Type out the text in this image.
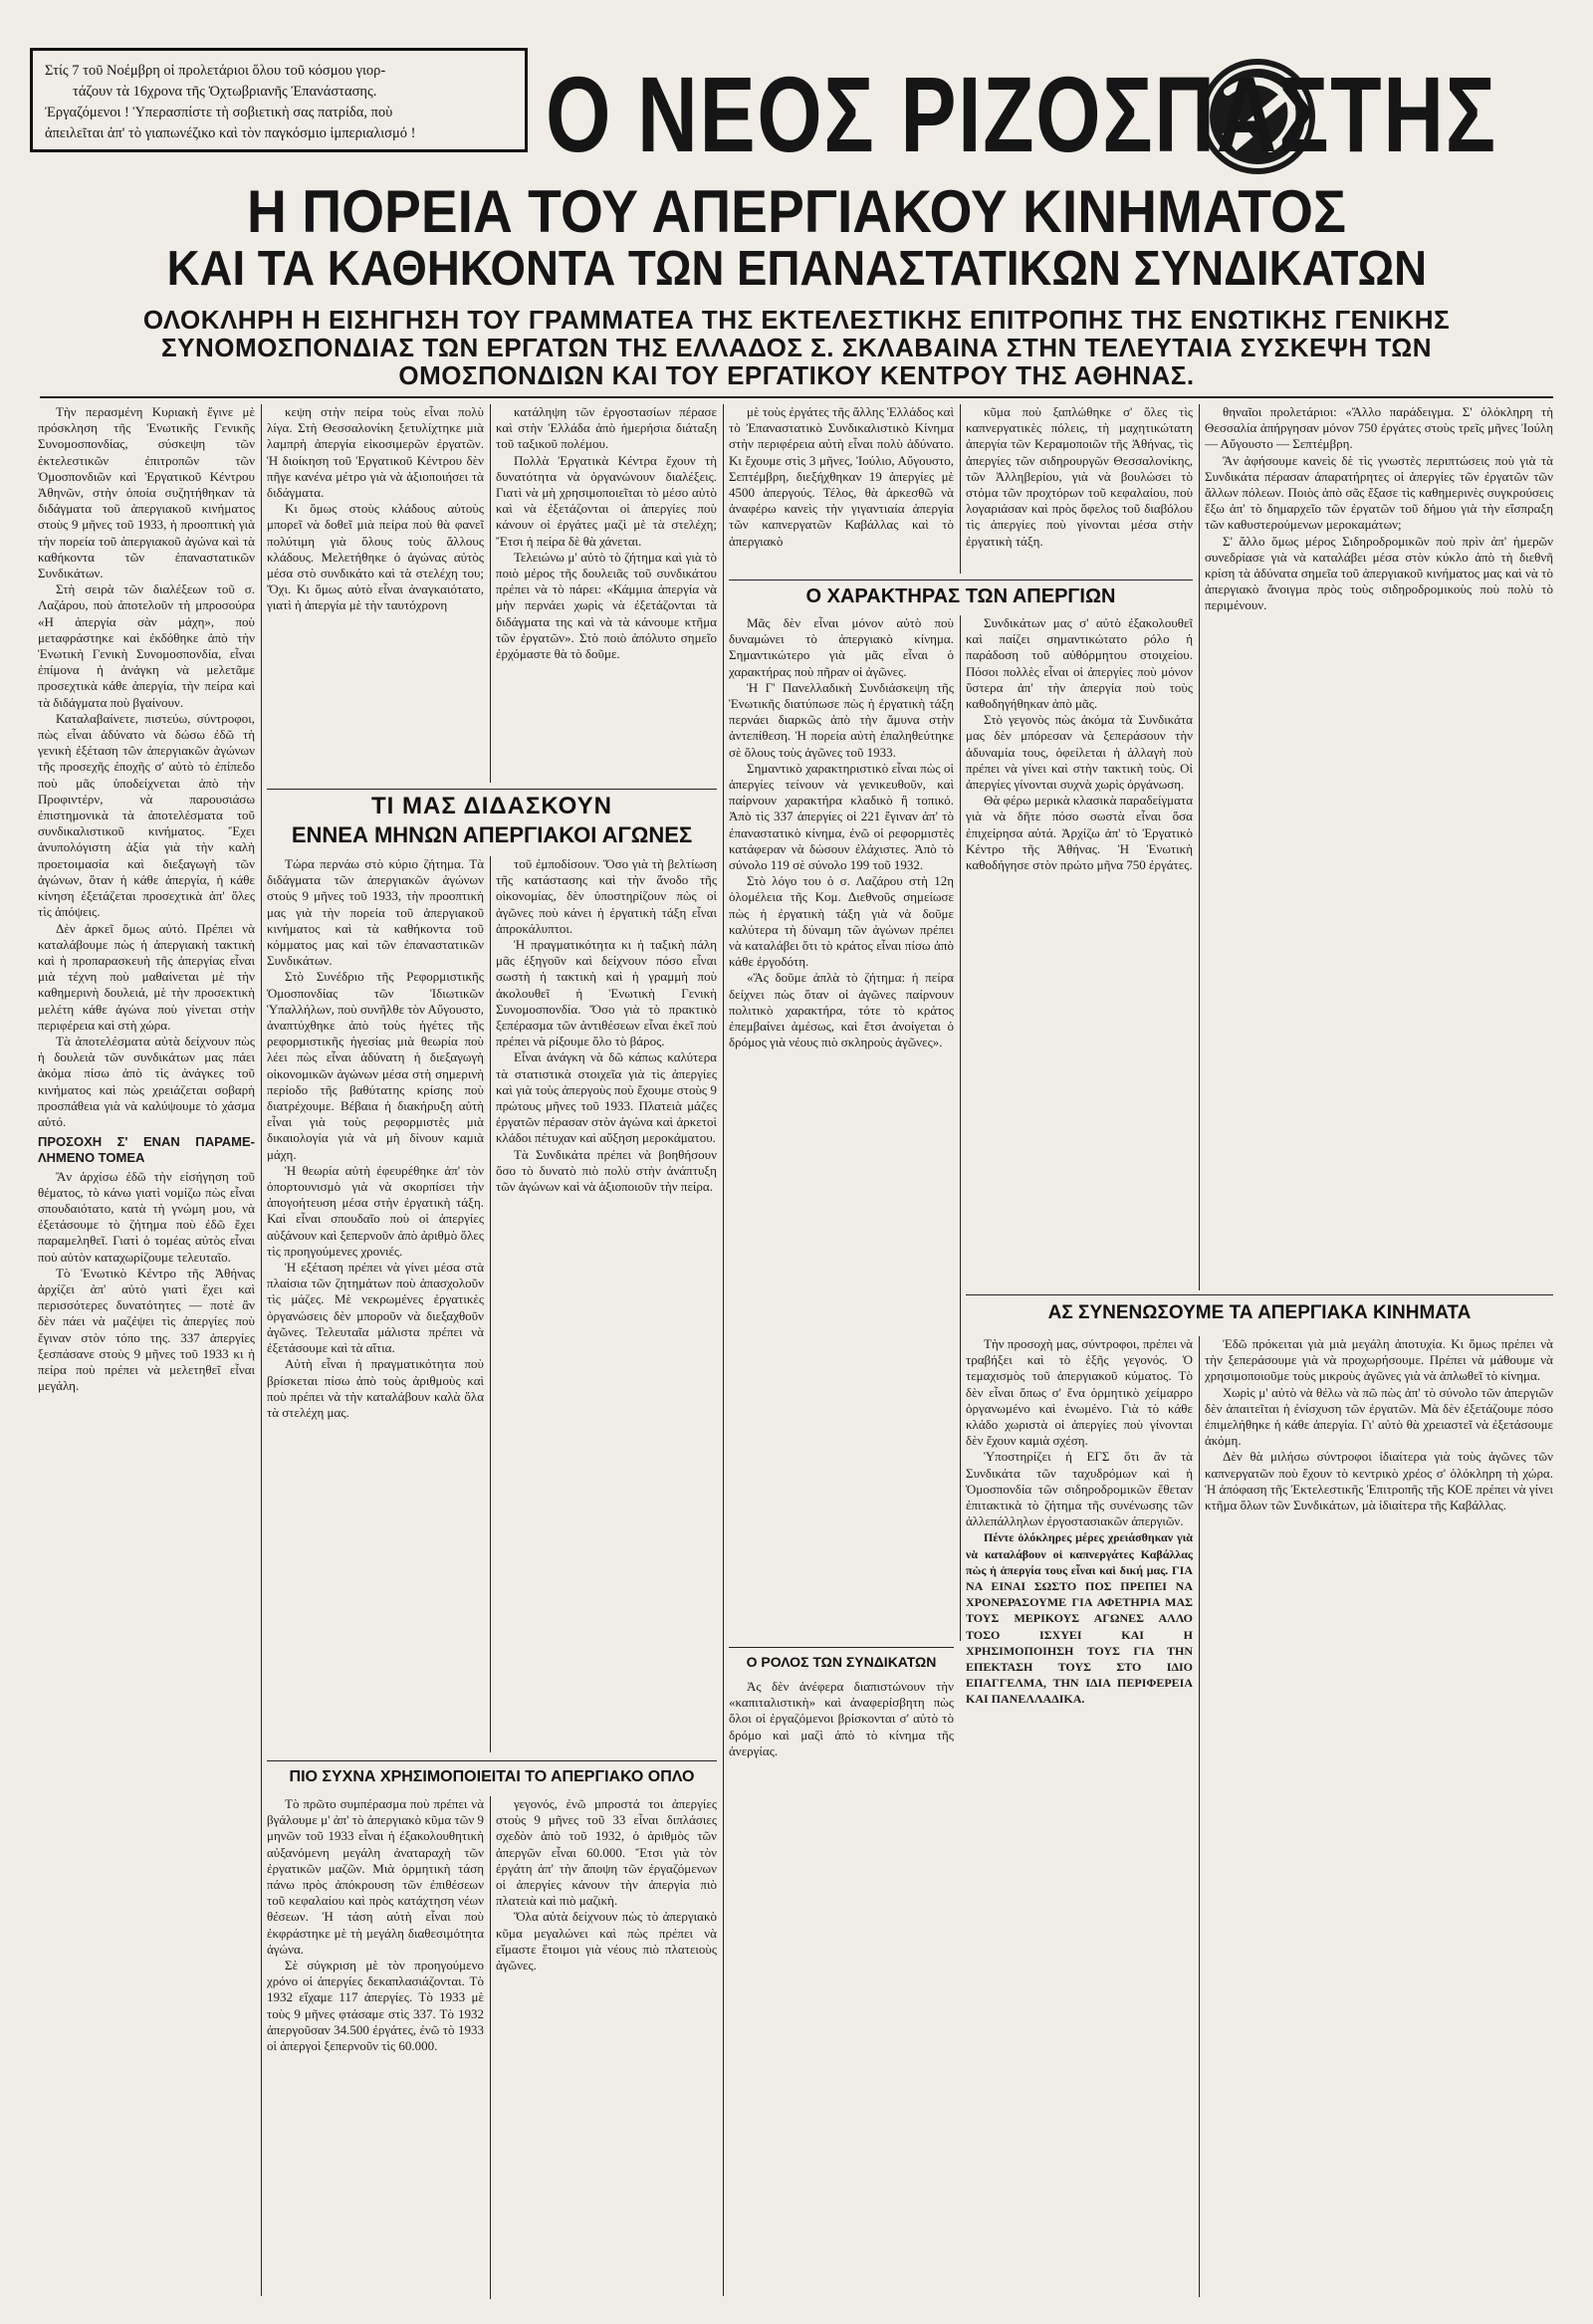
Στίς 7 τοῦ Νοέμβρη οἱ προλετάριοι ὅλου τοῦ κόσμου γιορ-

τάζουν τὰ 16χρονα τῆς Ὀχτωβριανῆς Ἐπανάστασης.

Ἐργαζόμενοι ! Ὑπερασπίστε τὴ σοβιετικὴ σας πατρίδα, ποὺ

ἀπειλεῖται ἀπ' τὸ γιαπωνέζικο καὶ τὸν παγκόσμιο ἰμπεριαλισμό !	Ο ΝΕΟΣ ΡΙΖΟΣΠΑΣΤΗΣ
Η ΠΟΡΕΙΑ ΤΟΥ ΑΠΕΡΓΙΑΚΟΥ ΚΙΝΗΜΑΤΟΣ
ΚΑΙ ΤΑ ΚΑΘΗΚΟΝΤΑ ΤΩΝ ΕΠΑΝΑΣΤΑΤΙΚΩΝ ΣΥΝΔΙΚΑΤΩΝ
ΟΛΟΚΛΗΡΗ Η ΕΙΣΗΓΗΣΗ ΤΟΥ ΓΡΑΜΜΑΤΕΑ ΤΗΣ ΕΚΤΕΛΕΣΤΙΚΗΣ ΕΠΙΤΡΟΠΗΣ ΤΗΣ ΕΝΩΤΙΚΗΣ ΓΕΝΙΚΗΣ
ΣΥΝΟΜΟΣΠΟΝΔΙΑΣ ΤΩΝ ΕΡΓΑΤΩΝ ΤΗΣ ΕΛΛΑΔΟΣ Σ. ΣΚΛΑΒΑΙΝΑ ΣΤΗΝ ΤΕΛΕΥΤΑΙΑ ΣΥΣΚΕΨΗ ΤΩΝ
ΟΜΟΣΠΟΝΔΙΩΝ ΚΑΙ ΤΟΥ ΕΡΓΑΤΙΚΟΥ ΚΕΝΤΡΟΥ ΤΗΣ ΑΘΗΝΑΣ.

Τὴν περασμένη Κυριακὴ ἔγινε μὲ πρόσκληση τῆς Ἑνωτικῆς Γενικῆς Συνομοσπονδίας, σύσκεψη τῶν ἐκτελεστικῶν ἐπιτροπῶν τῶν Ὁμοσπονδιῶν καὶ Ἐργατικοῦ Κέντρου Ἀθηνῶν, στὴν ὁποία συζητήθηκαν τὰ διδάγματα τοῦ ἀπεργιακοῦ κινήματος στοὺς 9 μῆνες τοῦ 1933, ἡ προοπτικὴ γιὰ τὴν πορεία τοῦ ἀπεργιακοῦ ἀγώνα καὶ τὰ καθήκοντα τῶν ἐπαναστατικῶν Συνδικάτων.

Στὴ σειρὰ τῶν διαλέξεων τοῦ σ. Λαζάρου, ποὺ ἀποτελοῦν τὴ μπροσούρα «Η ἀπεργία σὰν μάχη», ποὺ μεταφράστηκε καὶ ἐκδόθηκε ἀπὸ τὴν Ἑνωτικὴ Γενικὴ Συνομοσπονδία, εἶναι ἐπίμονα ἡ ἀνάγκη νὰ μελετᾶμε προσεχτικὰ κάθε ἀπεργία, τὴν πείρα καὶ τὰ διδάγματα ποὺ βγαίνουν.

Καταλαβαίνετε, πιστεύω, σύντροφοι, πὼς εἶναι ἀδύνατο νὰ δώσω ἐδῶ τὴ γενικὴ ἐξέταση τῶν ἀπεργιακῶν ἀγώνων τῆς προσεχῆς ἐποχῆς σ' αὐτὸ τὸ ἐπίπεδο ποὺ μᾶς ὑποδείχνεται ἀπὸ τὴν Προφιντέρν, νὰ παρουσιάσω ἐπιστημονικὰ τὰ ἀποτελέσματα τοῦ συνδικαλιστικοῦ κινήματος. Ἔχει ἀνυπολόγιστη ἀξία γιὰ τὴν καλὴ προετοιμασία καὶ διεξαγωγὴ τῶν ἀγώνων, ὅταν ἡ κάθε ἀπεργία, ἡ κάθε κίνηση ἐξετάζεται προσεχτικὰ ἀπ' ὅλες τὶς ἀπόψεις.

Δὲν ἀρκεῖ ὅμως αὐτό. Πρέπει νὰ καταλάβουμε πὼς ἡ ἀπεργιακὴ τακτικὴ καὶ ἡ προπαρασκευὴ τῆς ἀπεργίας εἶναι μιὰ τέχνη ποὺ μαθαίνεται μὲ τὴν καθημερινὴ δουλειά, μὲ τὴν προσεκτικὴ μελέτη κάθε ἀγώνα ποὺ γίνεται στὴν περιφέρεια καὶ στὴ χώρα.

Τὰ ἀποτελέσματα αὐτὰ δείχνουν πὼς ἡ δουλειὰ τῶν συνδικάτων μας πάει ἀκόμα πίσω ἀπὸ τὶς ἀνάγκες τοῦ κινήματος καὶ πὼς χρειάζεται σοβαρὴ προσπάθεια γιὰ νὰ καλύψουμε τὸ χάσμα αὐτό.

ΠΡΟΣΟΧΗ Σ' ΕΝΑΝ ΠΑΡΑΜΕ-ΛΗΜΕΝΟ ΤΟΜΕΑ

Ἄν ἀρχίσω ἐδῶ τὴν εἰσήγηση τοῦ θέματος, τὸ κάνω γιατὶ νομίζω πὼς εἶναι σπουδαιότατο, κατὰ τὴ γνώμη μου, νὰ ἐξετάσουμε τὸ ζήτημα ποὺ ἐδῶ ἔχει παραμεληθεῖ. Γιατὶ ὁ τομέας αὐτὸς εἶναι ποὺ αὐτὸν καταχωρίζουμε τελευταῖο.

Τὸ Ἑνωτικὸ Κέντρο τῆς Ἀθήνας ἀρχίζει ἀπ' αὐτὸ γιατὶ ἔχει καὶ περισσότερες δυνατότητες — ποτὲ ἂν δὲν πάει νὰ μαζέψει τὶς ἀπεργίες ποὺ ἔγιναν στὸν τόπο της. 337 ἀπεργίες ξεσπάσανε στοὺς 9 μῆνες τοῦ 1933 κι ἡ πείρα ποὺ πρέπει νὰ μελετηθεῖ εἶναι μεγάλη.

κεψη στὴν πείρα τοὺς εἶναι πολὺ λίγα. Στὴ Θεσσαλονίκη ξετυλίχτηκε μιὰ λαμπρὴ ἀπεργία εἰκοσιμερῶν ἐργατῶν. Ἡ διοίκηση τοῦ Ἐργατικοῦ Κέντρου δὲν πῆγε κανένα μέτρο γιὰ νὰ ἀξιοποιήσει τὰ διδάγματα.

Κι ὅμως στοὺς κλάδους αὐτοὺς μπορεῖ νὰ δοθεῖ μιὰ πείρα ποὺ θὰ φανεῖ πολύτιμη γιὰ ὅλους τοὺς ἄλλους κλάδους. Μελετήθηκε ὁ ἀγώνας αὐτὸς μέσα στὸ συνδικάτο καὶ τὰ στελέχη του; Ὄχι. Κι ὅμως αὐτὸ εἶναι ἀναγκαιότατο, γιατὶ ἡ ἀπεργία μὲ τὴν ταυτόχρονη

κατάληψη τῶν ἐργοστασίων πέρασε καὶ στὴν Ἑλλάδα ἀπὸ ἡμερήσια διάταξη τοῦ ταξικοῦ πολέμου.

Πολλὰ Ἐργατικὰ Κέντρα ἔχουν τὴ δυνατότητα νὰ ὀργανώνουν διαλέξεις. Γιατὶ νὰ μὴ χρησιμοποιεῖται τὸ μέσο αὐτὸ καὶ νὰ ἐξετάζονται οἱ ἀπεργίες ποὺ κάνουν οἱ ἐργάτες μαζὶ μὲ τὰ στελέχη; Ἔτσι ἡ πείρα δὲ θὰ χάνεται.

Τελειώνω μ' αὐτὸ τὸ ζήτημα καὶ γιὰ τὸ ποιὸ μέρος τῆς δουλειᾶς τοῦ συνδικάτου πρέπει νὰ τὸ πάρει: «Κάμμια ἀπεργία νὰ μὴν περνάει χωρὶς νὰ ἐξετάζονται τὰ διδάγματα της καὶ νὰ τὰ κάνουμε κτῆμα τῶν ἐργατῶν». Στὸ ποιὸ ἀπόλυτο σημεῖο ἐρχόμαστε θὰ τὸ δοῦμε.

ΤΙ ΜΑΣ ΔΙΔΑΣΚΟΥΝ
ΕΝΝΕΑ ΜΗΝΩΝ ΑΠΕΡΓΙΑΚΟΙ ΑΓΩΝΕΣ

Τώρα περνάω στὸ κύριο ζήτημα. Τὰ διδάγματα τῶν ἀπεργιακῶν ἀγώνων στοὺς 9 μῆνες τοῦ 1933, τὴν προοπτικὴ μας γιὰ τὴν πορεία τοῦ ἀπεργιακοῦ κινήματος καὶ τὰ καθήκοντα τοῦ κόμματος μας καὶ τῶν ἐπαναστατικῶν Συνδικάτων.

Στὸ Συνέδριο τῆς Ρεφορμιστικῆς Ὁμοσπονδίας τῶν Ἰδιωτικῶν Ὑπαλλήλων, ποὺ συνῆλθε τὸν Αὔγουστο, ἀναπτύχθηκε ἀπὸ τοὺς ἡγέτες τῆς ρεφορμιστικῆς ἡγεσίας μιὰ θεωρία ποὺ λέει πὼς εἶναι ἀδύνατη ἡ διεξαγωγὴ οἰκονομικῶν ἀγώνων μέσα στὴ σημερινὴ περίοδο τῆς βαθύτατης κρίσης ποὺ διατρέχουμε. Βέβαια ἡ διακήρυξη αὐτὴ εἶναι γιὰ τοὺς ρεφορμιστὲς μιὰ δικαιολογία γιὰ νὰ μὴ δίνουν καμιὰ μάχη.

Ἡ θεωρία αὐτὴ ἐφευρέθηκε ἀπ' τὸν ὀπορτουνισμὸ γιὰ νὰ σκορπίσει τὴν ἀπογοήτευση μέσα στὴν ἐργατικὴ τάξη. Καὶ εἶναι σπουδαῖο ποὺ οἱ ἀπεργίες αὐξάνουν καὶ ξεπερνοῦν ἀπὸ ἀριθμὸ ὅλες τὶς προηγούμενες χρονιές.

Ἡ εξέταση πρέπει νὰ γίνει μέσα στὰ πλαίσια τῶν ζητημάτων ποὺ ἀπασχολοῦν τὶς μάζες. Μὲ νεκρωμένες ἐργατικὲς ὀργανώσεις δὲν μποροῦν νὰ διεξαχθοῦν ἀγῶνες. Τελευταῖα μάλιστα πρέπει νὰ ἐξετάσουμε καὶ τὰ αἴτια.

Αὐτὴ εἶναι ἡ πραγματικότητα ποὺ βρίσκεται πίσω ἀπὸ τοὺς ἀριθμοὺς καὶ ποὺ πρέπει νὰ τὴν καταλάβουν καλὰ ὅλα τὰ στελέχη μας.

τοῦ ἐμποδίσουν. Ὅσο γιὰ τὴ βελτίωση τῆς κατάστασης καὶ τὴν ἄνοδο τῆς οἰκονομίας, δὲν ὑποστηρίζουν πὼς οἱ ἀγῶνες ποὺ κάνει ἡ ἐργατικὴ τάξη εἶναι ἀπροκάλυπτοι.

Ἡ πραγματικότητα κι ἡ ταξικὴ πάλη μᾶς ἐξηγοῦν καὶ δείχνουν πόσο εἶναι σωστὴ ἡ τακτικὴ καὶ ἡ γραμμὴ ποὺ ἀκολουθεῖ ἡ Ἑνωτικὴ Γενικὴ Συνομοσπονδία. Ὅσο γιὰ τὸ πρακτικὸ ξεπέρασμα τῶν ἀντιθέσεων εἶναι ἐκεῖ ποὺ πρέπει νὰ ρίξουμε ὅλο τὸ βάρος.

Εἶναι ἀνάγκη νὰ δῶ κάπως καλύτερα τὰ στατιστικὰ στοιχεῖα γιὰ τὶς ἀπεργίες καὶ γιὰ τοὺς ἀπεργοὺς ποὺ ἔχουμε στοὺς 9 πρώτους μῆνες τοῦ 1933. Πλατειὰ μάζες ἐργατῶν πέρασαν στὸν ἀγώνα καὶ ἀρκετοὶ κλάδοι πέτυχαν καὶ αὔξηση μεροκάματου.

Τὰ Συνδικάτα πρέπει νὰ βοηθήσουν ὅσο τὸ δυνατὸ πιὸ πολὺ στὴν ἀνάπτυξη τῶν ἀγώνων καὶ νὰ ἀξιοποιοῦν τὴν πείρα.

ΠΙΟ ΣΥΧΝΑ ΧΡΗΣΙΜΟΠΟΙΕΙΤΑΙ ΤΟ ΑΠΕΡΓΙΑΚΟ ΟΠΛΟ

Τὸ πρῶτο συμπέρασμα ποὺ πρέπει νὰ βγάλουμε μ' ἀπ' τὸ ἀπεργιακὸ κῦμα τῶν 9 μηνῶν τοῦ 1933 εἶναι ἡ ἐξακολουθητικὴ αὐξανόμενη μεγάλη ἀναταραχὴ τῶν ἐργατικῶν μαζῶν. Μιὰ ὁρμητικὴ τάση πάνω πρὸς ἀπόκρουση τῶν ἐπιθέσεων τοῦ κεφαλαίου καὶ πρὸς κατάχτηση νέων θέσεων. Ἡ τάση αὐτὴ εἶναι ποὺ ἐκφράστηκε μὲ τὴ μεγάλη διαθεσιμότητα ἀγώνα.

Σὲ σύγκριση μὲ τὸν προηγούμενο χρόνο οἱ ἀπεργίες δεκαπλασιάζονται. Τὸ 1932 εἴχαμε 117 ἀπεργίες. Τὸ 1933 μὲ τοὺς 9 μῆνες φτάσαμε στὶς 337. Τὸ 1932 ἀπεργοῦσαν 34.500 ἐργάτες, ἐνῶ τὸ 1933 οἱ ἀπεργοὶ ξεπερνοῦν τὶς 60.000.

γεγονός, ἐνῶ μπροστά τοι ἀπεργίες στοὺς 9 μῆνες τοῦ 33 εἶναι διπλάσιες σχεδὸν ἀπὸ τοῦ 1932, ὁ ἀριθμὸς τῶν ἀπεργῶν εἶναι 60.000. Ἔτσι γιὰ τὸν ἐργάτη ἀπ' τὴν ἄποψη τῶν ἐργαζόμενων οἱ ἀπεργίες κάνουν τὴν ἀπεργία πιὸ πλατειὰ καὶ πιὸ μαζικὴ.

Ὅλα αὐτὰ δείχνουν πὼς τὸ ἀπεργιακὸ κῦμα μεγαλώνει καὶ πὼς πρέπει νὰ εἴμαστε ἕτοιμοι γιὰ νέους πιὸ πλατειοὺς ἀγῶνες.

μὲ τοὺς ἐργάτες τῆς ἄλλης Ἑλλάδος καὶ τὸ Ἐπαναστατικὸ Συνδικαλιστικὸ Κίνημα στὴν περιφέρεια αὐτὴ εἶναι πολὺ ἀδύνατο. Κι ἔχουμε στὶς 3 μῆνες, Ἰούλιο, Αὔγουστο, Σεπτέμβρη, διεξήχθηκαν 19 ἀπεργίες μὲ 4500 ἀπεργούς. Τέλος, θὰ ἀρκεσθῶ νὰ ἀναφέρω κανεὶς τὴν γιγαντιαία ἀπεργία τῶν καπνεργατῶν Καβάλλας καὶ τὸ ἀπεργιακὸ

κῦμα ποὺ ξαπλώθηκε σ' ὅλες τὶς καπνεργατικὲς πόλεις, τὴ μαχητικώτατη ἀπεργία τῶν Κεραμοποιῶν τῆς Ἀθήνας, τὶς ἀπεργίες τῶν σιδηρουργῶν Θεσσαλονίκης, τῶν Ἀλληβερίου, γιὰ νὰ βουλώσει τὸ στόμα τῶν προχτόρων τοῦ κεφαλαίου, ποὺ λογαριάσαν καὶ πρὸς ὄφελος τοῦ διαβόλου τὶς ἀπεργίες ποὺ γίνονται μέσα στὴν ἐργατικὴ τάξη.

Ο ΧΑΡΑΚΤΗΡΑΣ ΤΩΝ ΑΠΕΡΓΙΩΝ

Μᾶς δὲν εἶναι μόνον αὐτὸ ποὺ δυναμώνει τὸ ἀπεργιακὸ κίνημα. Σημαντικώτερο γιὰ μᾶς εἶναι ὁ χαρακτήρας ποὺ πῆραν οἱ ἀγῶνες.

Ἡ Γ' Πανελλαδικὴ Συνδιάσκεψη τῆς Ἑνωτικῆς διατύπωσε πὼς ἡ ἐργατικὴ τάξη περνάει διαρκῶς ἀπὸ τὴν ἄμυνα στὴν ἀντεπίθεση. Ἡ πορεία αὐτὴ ἐπαληθεύτηκε σὲ ὅλους τοὺς ἀγῶνες τοῦ 1933.

Σημαντικὸ χαρακτηριστικὸ εἶναι πὼς οἱ ἀπεργίες τείνουν νὰ γενικευθοῦν, καὶ παίρνουν χαρακτήρα κλαδικὸ ἢ τοπικό. Ἀπὸ τὶς 337 ἀπεργίες οἱ 221 ἔγιναν ἀπ' τὸ ἐπαναστατικὸ κίνημα, ἐνῶ οἱ ρεφορμιστὲς κατάφεραν νὰ δώσουν ἐλάχιστες. Ἀπὸ τὸ σύνολο 119 σὲ σύνολο 199 τοῦ 1932.

Στὸ λόγο του ὁ σ. Λαζάρου στὴ 12η ὁλομέλεια τῆς Κομ. Διεθνοῦς σημείωσε πὼς ἡ ἐργατικὴ τάξη γιὰ νὰ δοῦμε καλύτερα τὴ δύναμη τῶν ἀγώνων πρέπει νὰ καταλάβει ὅτι τὸ κράτος εἶναι πίσω ἀπὸ κάθε ἐργοδότη.

«Ἄς δοῦμε ἀπλὰ τὸ ζήτημα: ἡ πείρα δείχνει πὼς ὅταν οἱ ἀγῶνες παίρνουν πολιτικὸ χαρακτήρα, τότε τὸ κράτος ἐπεμβαίνει ἀμέσως, καὶ ἔτσι ἀνοίγεται ὁ δρόμος γιὰ νέους πιὸ σκληροὺς ἀγῶνες».

Συνδικάτων μας σ' αὐτὸ ἐξακολουθεῖ καὶ παίζει σημαντικώτατο ρόλο ἡ παράδοση τοῦ αὐθόρμητου στοιχείου. Πόσοι πολλὲς εἶναι οἱ ἀπεργίες ποὺ μόνον ὕστερα ἀπ' τὴν ἀπεργία ποὺ τοὺς καθοδηγήθηκαν ἀπὸ μᾶς.

Στὸ γεγονὸς πὼς ἀκόμα τὰ Συνδικάτα μας δὲν μπόρεσαν νὰ ξεπεράσουν τὴν ἀδυναμία τους, ὀφείλεται ἡ ἀλλαγὴ ποὺ πρέπει νὰ γίνει καὶ στὴν τακτικὴ τοὺς. Οἱ ἀπεργίες γίνονται συχνὰ χωρὶς ὀργάνωση.

Θὰ φέρω μερικὰ κλασικὰ παραδείγματα γιὰ νὰ δῆτε πόσο σωστὰ εἶναι ὅσα ἐπιχείρησα αὐτά. Ἀρχίζω ἀπ' τὸ Ἐργατικὸ Κέντρο τῆς Ἀθήνας. Ἡ Ἑνωτικὴ καθοδήγησε στὸν πρώτο μῆνα 750 ἐργάτες.

θηναῖοι προλετάριοι: «Ἄλλο παράδειγμα. Σ' ὁλόκληρη τὴ Θεσσαλία ἀπήργησαν μόνον 750 ἐργάτες στοὺς τρεῖς μῆνες Ἰούλη — Αὔγουστο — Σεπτέμβρη.

Ἂν ἀφήσουμε κανεὶς δὲ τὶς γνωστὲς περιπτώσεις ποὺ γιὰ τὰ Συνδικάτα πέρασαν ἀπαρατήρητες οἱ ἀπεργίες τῶν ἐργατῶν τῶν ἄλλων πόλεων. Ποιὸς ἀπὸ σᾶς ἔξασε τὶς καθημερινὲς συγκρούσεις ἔξω ἀπ' τὸ δημαρχεῖο τῶν ἐργατῶν τοῦ δήμου γιὰ τὴν εἴσπραξη τῶν καθυστερούμενων μεροκαμάτων;

Σ' ἄλλο ὅμως μέρος Σιδηροδρομικῶν ποὺ πρὶν ἀπ' ἡμερῶν συνεδρίασε γιὰ νὰ καταλάβει μέσα στὸν κύκλο ἀπὸ τὴ διεθνῆ κρίση τὰ ἀδύνατα σημεῖα τοῦ ἀπεργιακοῦ κινήματος μας καὶ νὰ τὸ ἀπεργιακὸ ἄνοιγμα πρὸς τοὺς σιδηροδρομικοὺς ποὺ πολὺ τὸ περιμένουν.

ΑΣ ΣΥΝΕΝΩΣΟΥΜΕ ΤΑ ΑΠΕΡΓΙΑΚΑ ΚΙΝΗΜΑΤΑ

Τὴν προσοχὴ μας, σύντροφοι, πρέπει νὰ τραβήξει καὶ τὸ ἑξῆς γεγονός. Ὁ τεμαχισμὸς τοῦ ἀπεργιακοῦ κύματος. Τὸ δὲν εἶναι ὅπως σ' ἕνα ὁρμητικὸ χείμαρρο ὀργανωμένο καὶ ἑνωμένο. Γιὰ τὸ κάθε κλάδο χωριστὰ οἱ ἀπεργίες ποὺ γίνονται δὲν ἔχουν καμιὰ σχέση.

Ὑποστηρίζει ἡ ΕΓΣ ὅτι ἂν τὰ Συνδικάτα τῶν ταχυδρόμων καὶ ἡ Ὁμοσπονδία τῶν σιδηροδρομικῶν ἔθεταν ἐπιτακτικὰ τὸ ζήτημα τῆς συνένωσης τῶν ἀλλεπάλληλων ἐργοστασιακῶν ἀπεργιῶν.

Πέντε ὁλόκληρες μέρες χρειάσθηκαν γιὰ νὰ καταλάβουν οἱ καπνεργάτες Καβάλλας πὼς ἡ ἀπεργία τους εἶναι καὶ δική μας. ΓΙΑ ΝΑ ΕΙΝΑΙ ΣΩΣΤΟ ΠΟΣ ΠΡΕΠΕΙ ΝΑ ΧΡΟΝΕΡΑΣΟΥΜΕ ΓΙΑ ΑΦΕΤΗΡΙΑ ΜΑΣ ΤΟΥΣ ΜΕΡΙΚΟΥΣ ΑΓΩΝΕΣ ΑΛΛΟ ΤΟΣΟ ΙΣΧΥΕΙ ΚΑΙ Η ΧΡΗΣΙΜΟΠΟΙΗΣΗ ΤΟΥΣ ΓΙΑ ΤΗΝ ΕΠΕΚΤΑΣΗ ΤΟΥΣ ΣΤΟ ΙΔΙΟ ΕΠΑΓΓΕΛΜΑ, ΤΗΝ ΙΔΙΑ ΠΕΡΙΦΕΡΕΙΑ ΚΑΙ ΠΑΝΕΛΛΑΔΙΚΑ.

Ἐδῶ πρόκειται γιὰ μιὰ μεγάλη ἀποτυχία. Κι ὅμως πρέπει νὰ τὴν ξεπεράσουμε γιὰ νὰ προχωρήσουμε. Πρέπει νὰ μάθουμε νὰ χρησιμοποιοῦμε τοὺς μικροὺς ἀγῶνες γιὰ νὰ ἀπλωθεῖ τὸ κίνημα.

Χωρὶς μ' αὐτὸ νὰ θέλω νὰ πῶ πὼς ἀπ' τὸ σύνολο τῶν ἀπεργιῶν δὲν ἀπαιτεῖται ἡ ἐνίσχυση τῶν ἐργατῶν. Μὰ δὲν ἐξετάζουμε πόσο ἐπιμελήθηκε ἡ κάθε ἀπεργία. Γι' αὐτὸ θὰ χρειαστεῖ νὰ ἐξετάσουμε ἀκόμη.

Δὲν θὰ μιλήσω σύντροφοι ἰδιαίτερα γιὰ τοὺς ἀγῶνες τῶν καπνεργατῶν ποὺ ἔχουν τὸ κεντρικὸ χρέος σ' ὁλόκληρη τὴ χώρα. Ἡ ἀπόφαση τῆς Ἐκτελεστικῆς Ἐπιτροπῆς τῆς ΚΟΕ πρέπει νὰ γίνει κτῆμα ὅλων τῶν Συνδικάτων, μὰ ἰδιαίτερα τῆς Καβάλλας.

Ο ΡΟΛΟΣ ΤΩΝ ΣΥΝΔΙΚΑΤΩΝ

Ἀς δὲν ἀνέφερα διαπιστώνουν τὴν «καπιταλιστικὴ» καὶ ἀναφερίσβητη πὼς ὅλοι οἱ ἐργαζόμενοι βρίσκονται σ' αὐτὸ τὸ δρόμο καὶ μαζὶ ἀπὸ τὸ κίνημα τῆς ἀνεργίας.
